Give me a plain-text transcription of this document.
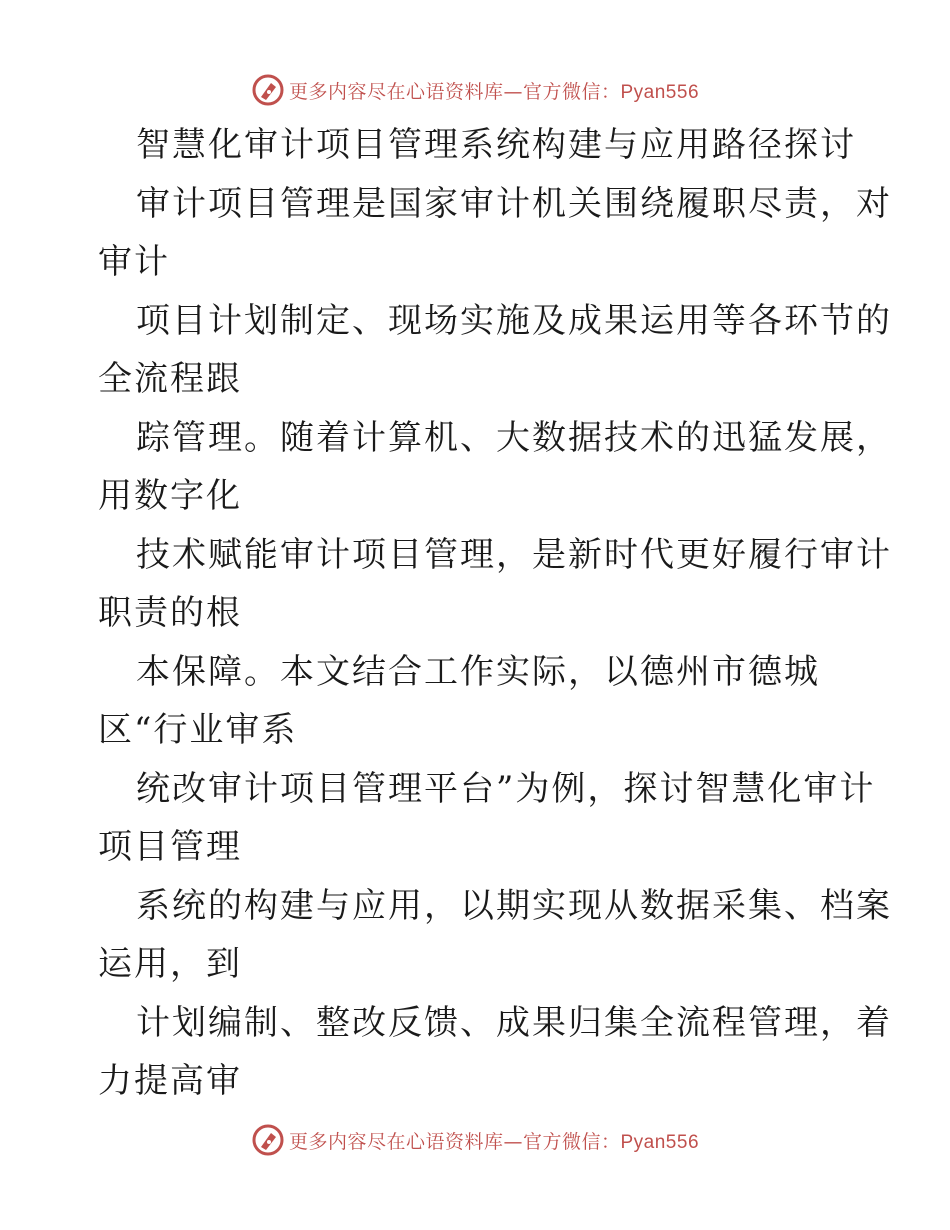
更多内容尽在心语资料库—官方微信：Pyan556
智慧化审计项目管理系统构建与应用路径探讨
审计项目管理是国家审计机关围绕履职尽责，对
审计
项目计划制定、现场实施及成果运用等各环节的
全流程跟
踪管理。随着计算机、大数据技术的迅猛发展，
用数字化
技术赋能审计项目管理，是新时代更好履行审计
职责的根
本保障。本文结合工作实际，以德州市德城
区“行业审系
统改审计项目管理平台”为例，探讨智慧化审计
项目管理
系统的构建与应用，以期实现从数据采集、档案
运用，到
计划编制、整改反馈、成果归集全流程管理，着
力提高审
更多内容尽在心语资料库—官方微信：Pyan556
